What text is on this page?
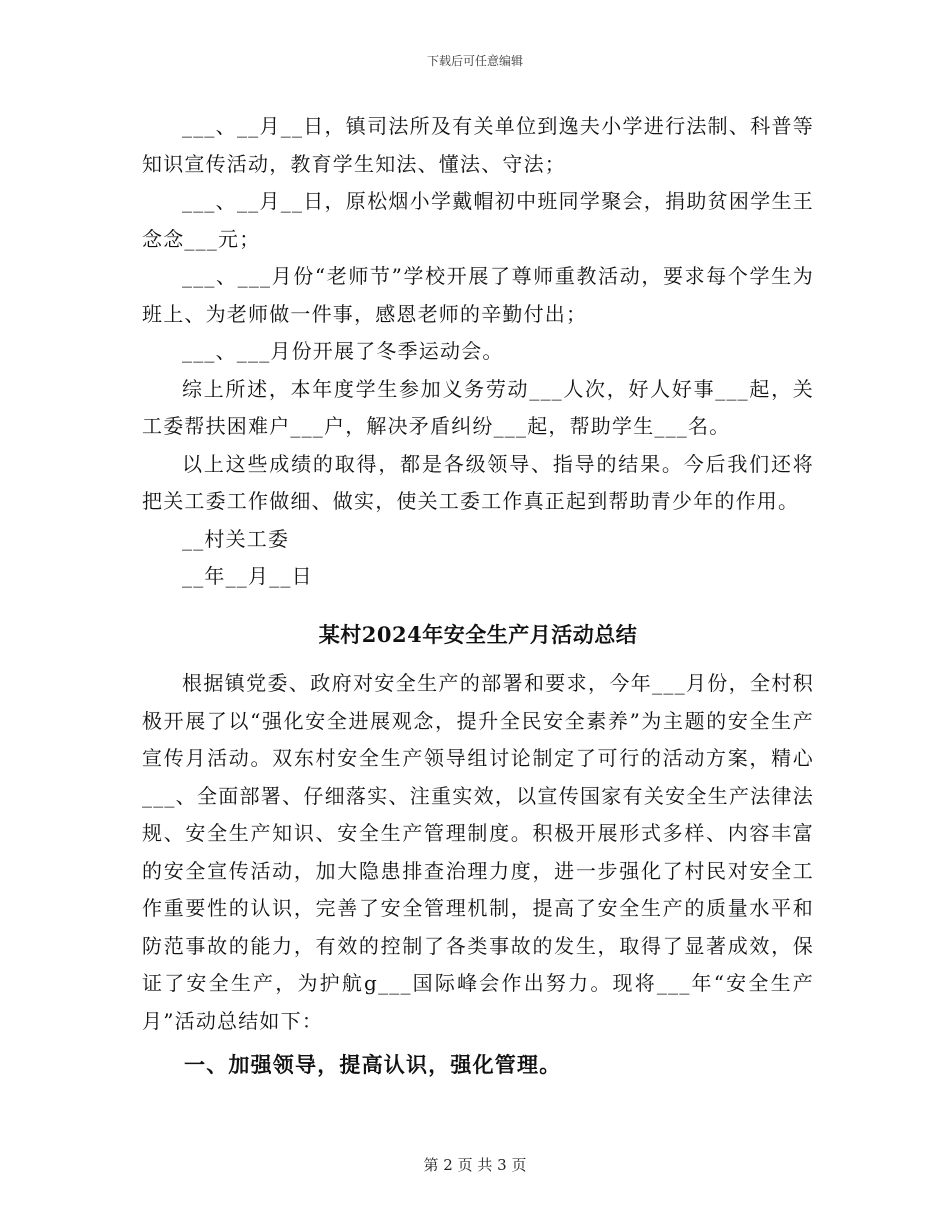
下载后可任意编辑

___、__月__日，镇司法所及有关单位到逸夫小学进行法制、科普等知识宣传活动，教育学生知法、懂法、守法；

___、__月__日，原松烟小学戴帽初中班同学聚会，捐助贫困学生王念念___元；

___、___月份“老师节”学校开展了尊师重教活动，要求每个学生为班上、为老师做一件事，感恩老师的辛勤付出；

___、___月份开展了冬季运动会。

综上所述，本年度学生参加义务劳动___人次，好人好事___起，关工委帮扶困难户___户，解决矛盾纠纷___起，帮助学生___名。

以上这些成绩的取得，都是各级领导、指导的结果。今后我们还将把关工委工作做细、做实，使关工委工作真正起到帮助青少年的作用。

__村关工委

__年__月__日

某村2024年安全生产月活动总结

根据镇党委、政府对安全生产的部署和要求，今年___月份，全村积极开展了以“强化安全进展观念，提升全民安全素养”为主题的安全生产宣传月活动。双东村安全生产领导组讨论制定了可行的活动方案，精心___、全面部署、仔细落实、注重实效，以宣传国家有关安全生产法律法规、安全生产知识、安全生产管理制度。积极开展形式多样、内容丰富的安全宣传活动，加大隐患排查治理力度，进一步强化了村民对安全工作重要性的认识，完善了安全管理机制，提高了安全生产的质量水平和防范事故的能力，有效的控制了各类事故的发生，取得了显著成效，保证了安全生产，为护航g___国际峰会作出努力。现将___年“安全生产月”活动总结如下：

一、加强领导，提高认识，强化管理。
第 2 页 共 3 页
